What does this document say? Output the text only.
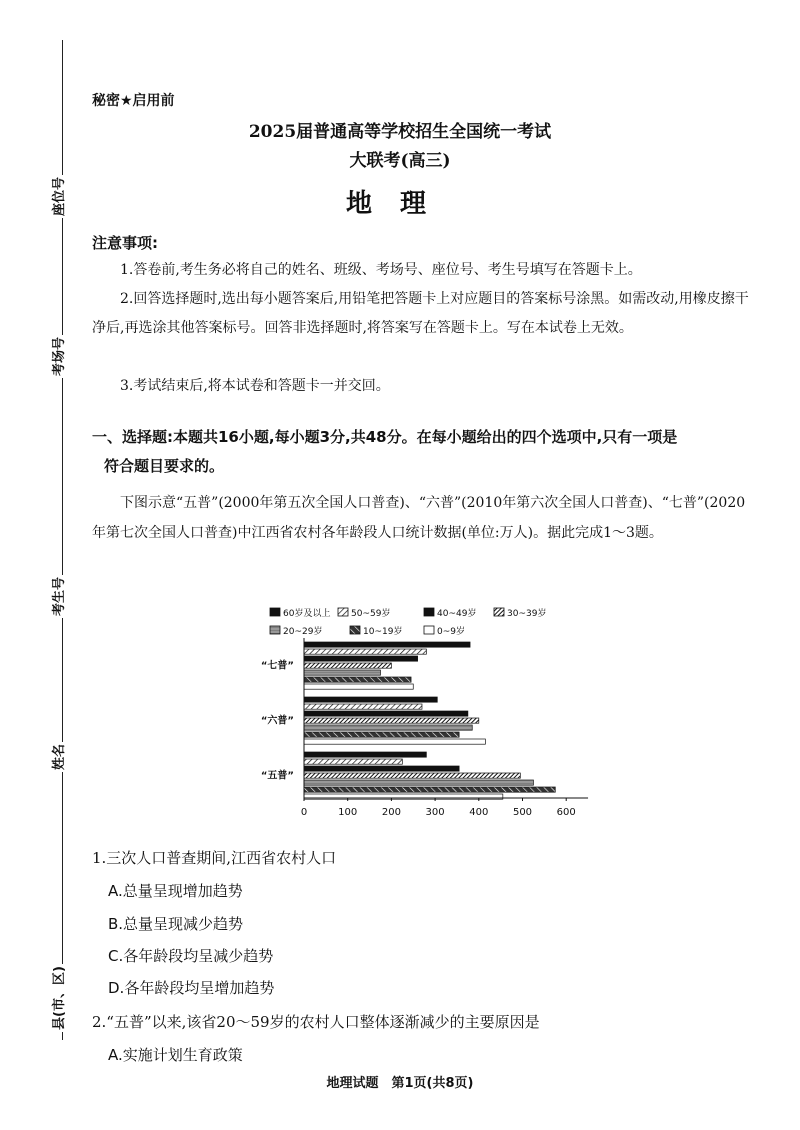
座位号
考场号
考生号
姓名
县(市、区)
秘密★启用前
2025届普通高等学校招生全国统一考试
大联考(高三)
地理
注意事项:
1.答卷前,考生务必将自己的姓名、班级、考场号、座位号、考生号填写在答题卡上。
2.回答选择题时,选出每小题答案后,用铅笔把答题卡上对应题目的答案标号涂黑。如需改动,用橡皮擦干净后,再选涂其他答案标号。回答非选择题时,将答案写在答题卡上。写在本试卷上无效。
3.考试结束后,将本试卷和答题卡一并交回。
一、选择题:本题共16小题,每小题3分,共48分。在每小题给出的四个选项中,只有一项是
符合题目要求的。
下图示意“五普”(2000年第五次全国人口普查)、“六普”(2010年第六次全国人口普查)、“七普”(2020年第七次全国人口普查)中江西省农村各年龄段人口统计数据(单位:万人)。据此完成1～3题。
60岁及以上 50~59岁	40~49岁	30~39岁
20~29岁	10~19岁	0~9岁
“七普”
“六普”
“五普”
0	100 200 300 400 500 600
1.三次人口普查期间,江西省农村人口
A.总量呈现增加趋势
B.总量呈现减少趋势
C.各年龄段均呈减少趋势
D.各年龄段均呈增加趋势
2.“五普”以来,该省20～59岁的农村人口整体逐渐减少的主要原因是
A.实施计划生育政策
地理试题　第1页(共8页)
